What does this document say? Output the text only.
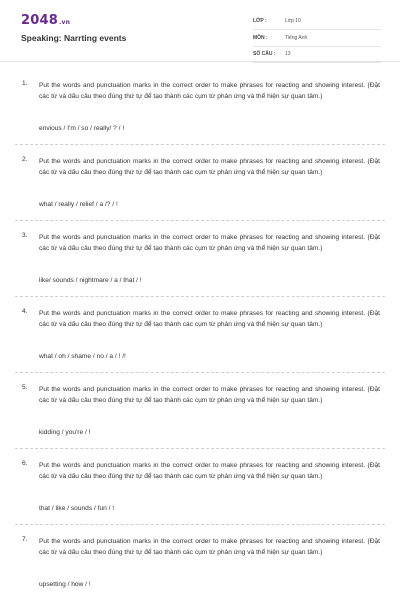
2048.vn
Speaking: Narrting events
LỚP :	Lớp 10
MÔN :	Tiếng Anh
SỐ CÂU : 13
1. Put the words and punctuation marks in the correct order to make phrases for reacting and showing interest. (Đặt các từ và dấu câu theo đúng thứ tự để tạo thành các cụm từ phản ứng và thể hiện sự quan tâm.)
envious / I'm / so / really/ ? / !
2. Put the words and punctuation marks in the correct order to make phrases for reacting and showing interest. (Đặt các từ và dấu câu theo đúng thứ tự để tạo thành các cụm từ phản ứng và thể hiện sự quan tâm.)
what / really / relief / a /? / !
3. Put the words and punctuation marks in the correct order to make phrases for reacting and showing interest. (Đặt các từ và dấu câu theo đúng thứ tự để tạo thành các cụm từ phản ứng và thể hiện sự quan tâm.)
like/ sounds / nightmare / a / that / !
4. Put the words and punctuation marks in the correct order to make phrases for reacting and showing interest. (Đặt các từ và dấu câu theo đúng thứ tự để tạo thành các cụm từ phản ứng và thể hiện sự quan tâm.)
what / oh / shame / no / a / ! /!
5. Put the words and punctuation marks in the correct order to make phrases for reacting and showing interest. (Đặt các từ và dấu câu theo đúng thứ tự để tạo thành các cụm từ phản ứng và thể hiện sự quan tâm.)
kidding / you're / !
6. Put the words and punctuation marks in the correct order to make phrases for reacting and showing interest. (Đặt các từ và dấu câu theo đúng thứ tự để tạo thành các cụm từ phản ứng và thể hiện sự quan tâm.)
that / like / sounds / fun / !
7. Put the words and punctuation marks in the correct order to make phrases for reacting and showing interest. (Đặt các từ và dấu câu theo đúng thứ tự để tạo thành các cụm từ phản ứng và thể hiện sự quan tâm.)
upsetting / how / !
